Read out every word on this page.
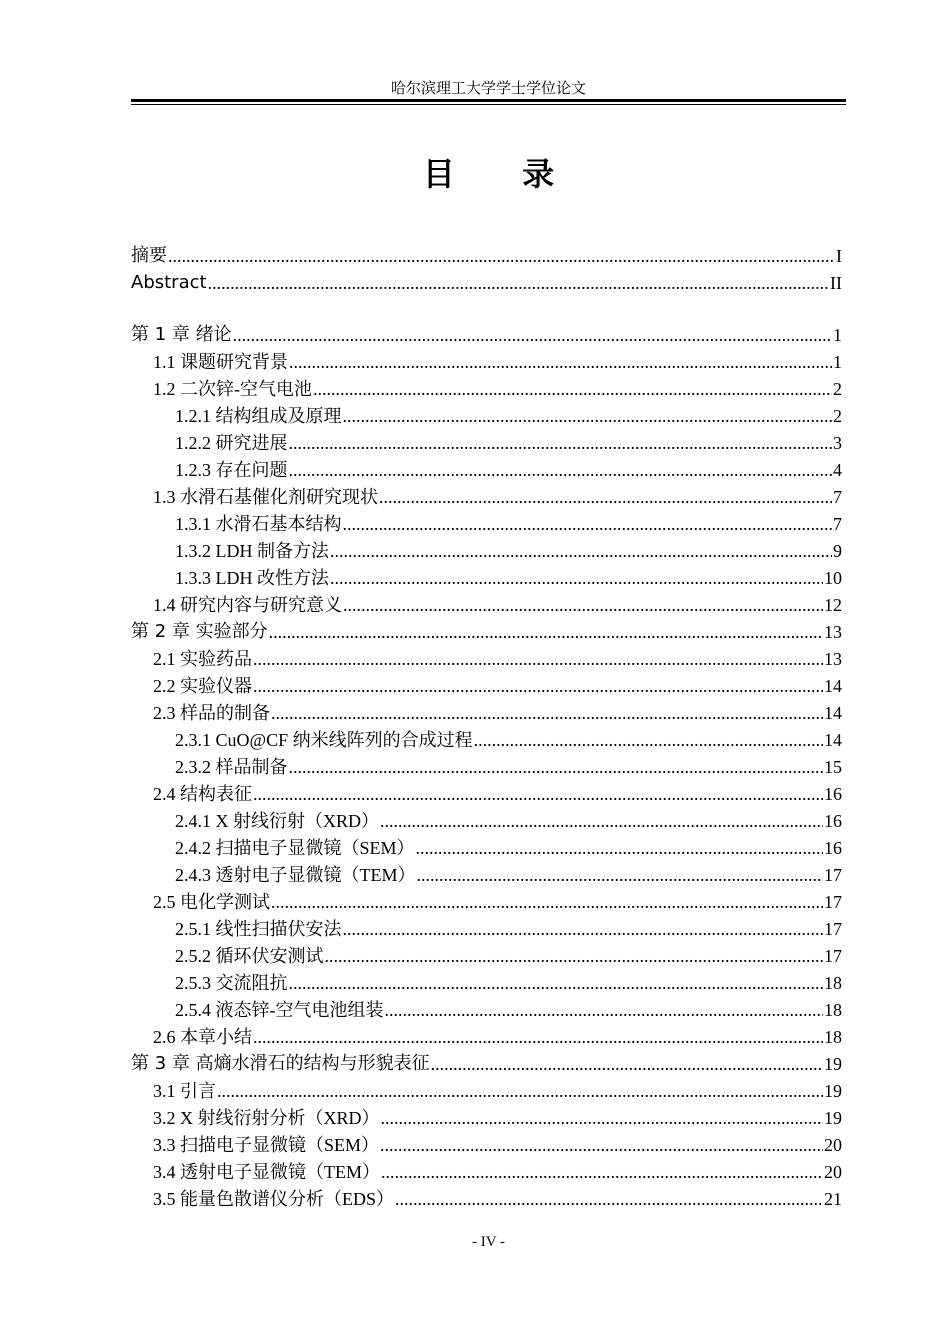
哈尔滨理工大学学士学位论文
目 录
摘要 .....	I
Abstract .....	II
第 1 章 绪论 .....	1
1.1 课题研究背景 .....	1
1.2 二次锌-空气电池 .....	2
1.2.1 结构组成及原理 .....	2
1.2.2 研究进展 .....	3
1.2.3 存在问题 .....	4
1.3 水滑石基催化剂研究现状 .....	7
1.3.1 水滑石基本结构 .....	7
1.3.2 LDH 制备方法 .....	9
1.3.3 LDH 改性方法 .....	10
1.4 研究内容与研究意义 .....	12
第 2 章 实验部分 .....	13
2.1 实验药品 .....	13
2.2 实验仪器 .....	14
2.3 样品的制备 .....	14
2.3.1 CuO@CF 纳米线阵列的合成过程 .....	14
2.3.2 样品制备 .....	15
2.4 结构表征 .....	16
2.4.1 X 射线衍射（XRD） .....	16
2.4.2 扫描电子显微镜（SEM） .....	16
2.4.3 透射电子显微镜（TEM） .....	17
2.5 电化学测试 .....	17
2.5.1 线性扫描伏安法 .....	17
2.5.2 循环伏安测试 .....	17
2.5.3 交流阻抗 .....	18
2.5.4 液态锌-空气电池组装 .....	18
2.6 本章小结 .....	18
第 3 章 高熵水滑石的结构与形貌表征 .....	19
3.1 引言 .....	19
3.2 X 射线衍射分析（XRD） .....	19
3.3 扫描电子显微镜（SEM） .....	20
3.4 透射电子显微镜（TEM） .....	20
3.5 能量色散谱仪分析（EDS） .....	21
- IV -
